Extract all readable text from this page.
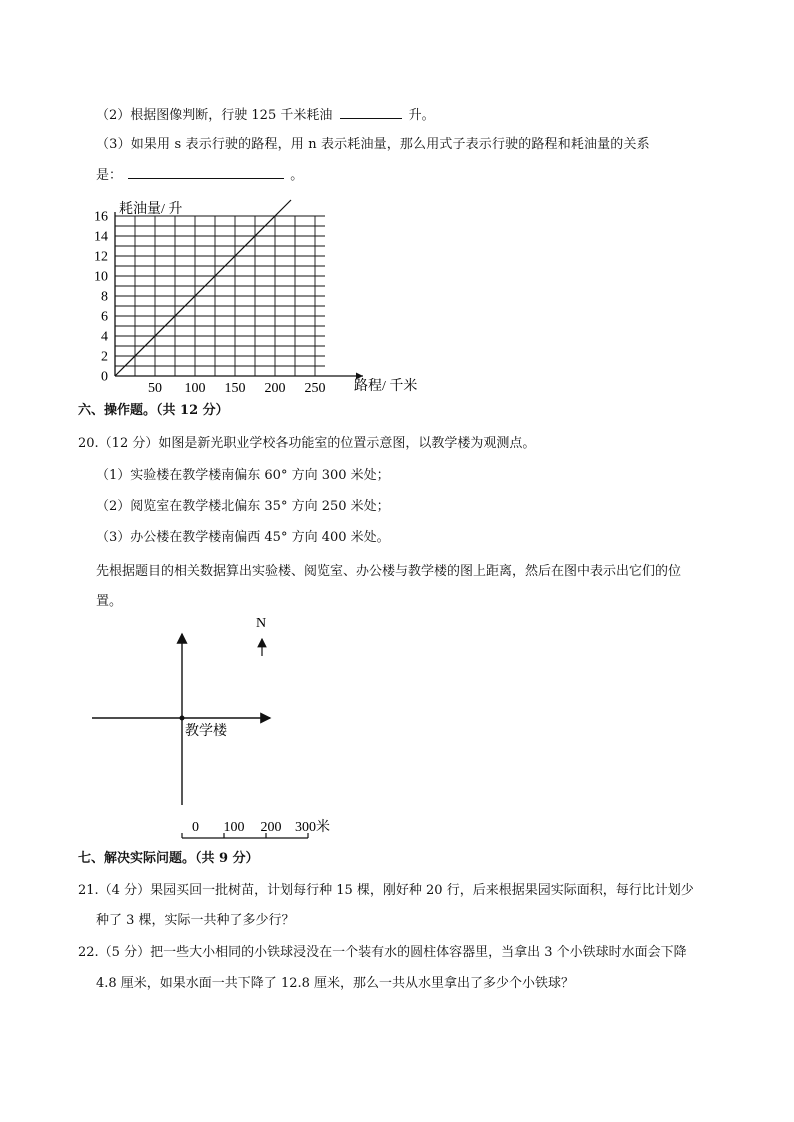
（2）根据图像判断，行驶 125 千米耗油	升。
（3）如果用 s 表示行驶的路程，用 n 表示耗油量，那么用式子表示行驶的路程和耗油量的关系
是：	。
0
2
4
6
8
10
12
14
16
50 100 150 200 250
耗油量/ 升
路程/ 千米
六、操作题。（共 12 分）
20.（12 分）如图是新光职业学校各功能室的位置示意图，以教学楼为观测点。
（1）实验楼在教学楼南偏东 60° 方向 300 米处；
（2）阅览室在教学楼北偏东 35° 方向 250 米处；
（3）办公楼在教学楼南偏西 45° 方向 400 米处。
先根据题目的相关数据算出实验楼、阅览室、办公楼与教学楼的图上距离，然后在图中表示出它们的位
置。
教学楼
N
0 100 200 300米
七、解决实际问题。（共 9 分）
21.（4 分）果园买回一批树苗，计划每行种 15 棵，刚好种 20 行，后来根据果园实际面积，每行比计划少
种了 3 棵，实际一共种了多少行？
22.（5 分）把一些大小相同的小铁球浸没在一个装有水的圆柱体容器里，当拿出 3 个小铁球时水面会下降
4.8 厘米，如果水面一共下降了 12.8 厘米，那么一共从水里拿出了多少个小铁球？
